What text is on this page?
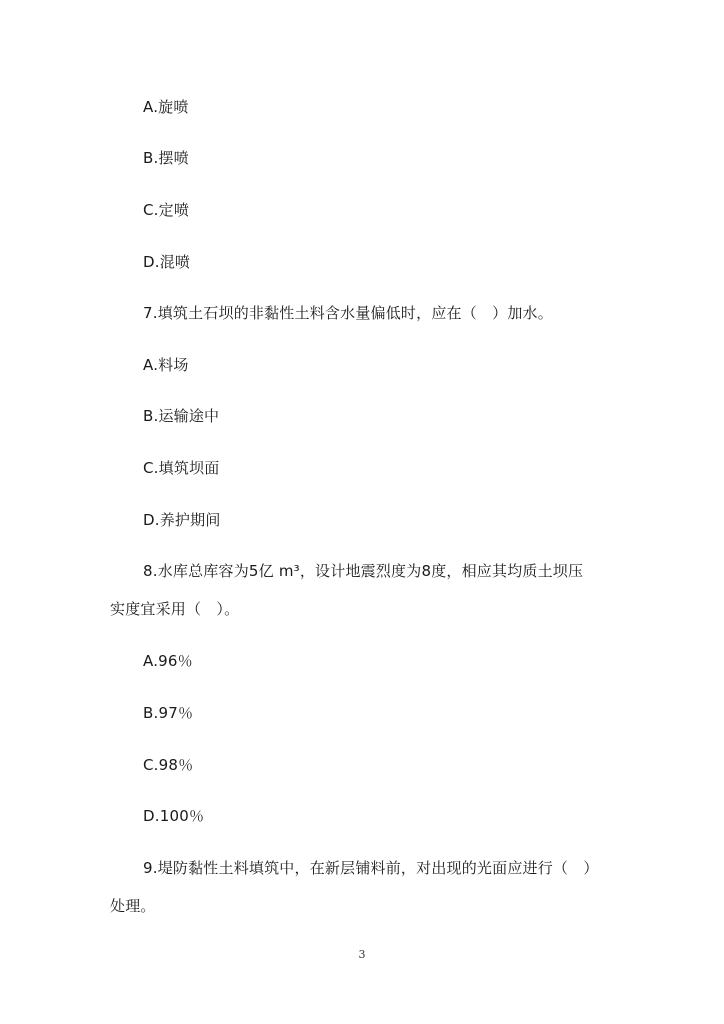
A.旋喷
B.摆喷
C.定喷
D.混喷
7.填筑土石坝的非黏性土料含水量偏低时，应在（　）加水。
A.料场
B.运输途中
C.填筑坝面
D.养护期间
8.水库总库容为5亿 m³，设计地震烈度为8度，相应其均质土坝压
实度宜采用（　）。
A.96％
B.97％
C.98％
D.100％
9.堤防黏性土料填筑中，在新层铺料前，对出现的光面应进行（　）
处理。
3
